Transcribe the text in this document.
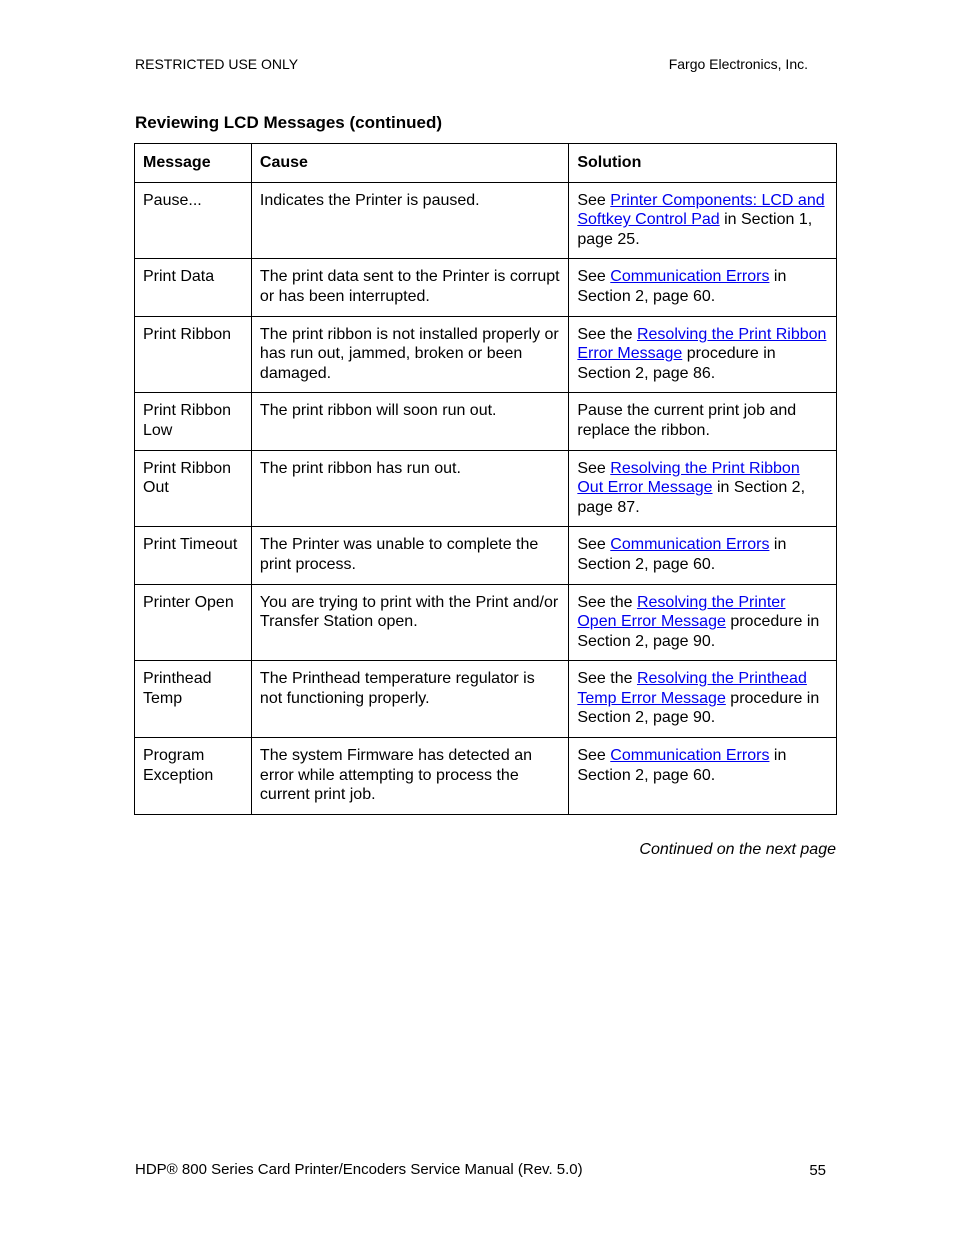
RESTRICTED USE ONLY	Fargo Electronics, Inc.
Reviewing LCD Messages (continued)
Message	Cause	Solution
Pause...	Indicates the Printer is paused.	See Printer Components: LCD and Softkey Control Pad in Section 1, page 25.
Print Data	The print data sent to the Printer is corrupt or has been interrupted.	See Communication Errors in Section 2, page 60.
Print Ribbon	The print ribbon is not installed properly or has run out, jammed, broken or been damaged.	See the Resolving the Print Ribbon Error Message procedure in Section 2, page 86.
Print Ribbon Low	The print ribbon will soon run out.	Pause the current print job and replace the ribbon.
Print Ribbon Out	The print ribbon has run out.	See Resolving the Print Ribbon Out Error Message in Section 2, page 87.
Print Timeout	The Printer was unable to complete the print process.	See Communication Errors in Section 2, page 60.
Printer Open	You are trying to print with the Print and/or Transfer Station open.	See the Resolving the Printer Open Error Message procedure in Section 2, page 90.
Printhead Temp	The Printhead temperature regulator is not functioning properly.	See the Resolving the Printhead Temp Error Message procedure in Section 2, page 90.
Program Exception	The system Firmware has detected an error while attempting to process the current print job.	See Communication Errors in Section 2, page 60.
Continued on the next page
HDP® 800 Series Card Printer/Encoders Service Manual (Rev. 5.0)	55
